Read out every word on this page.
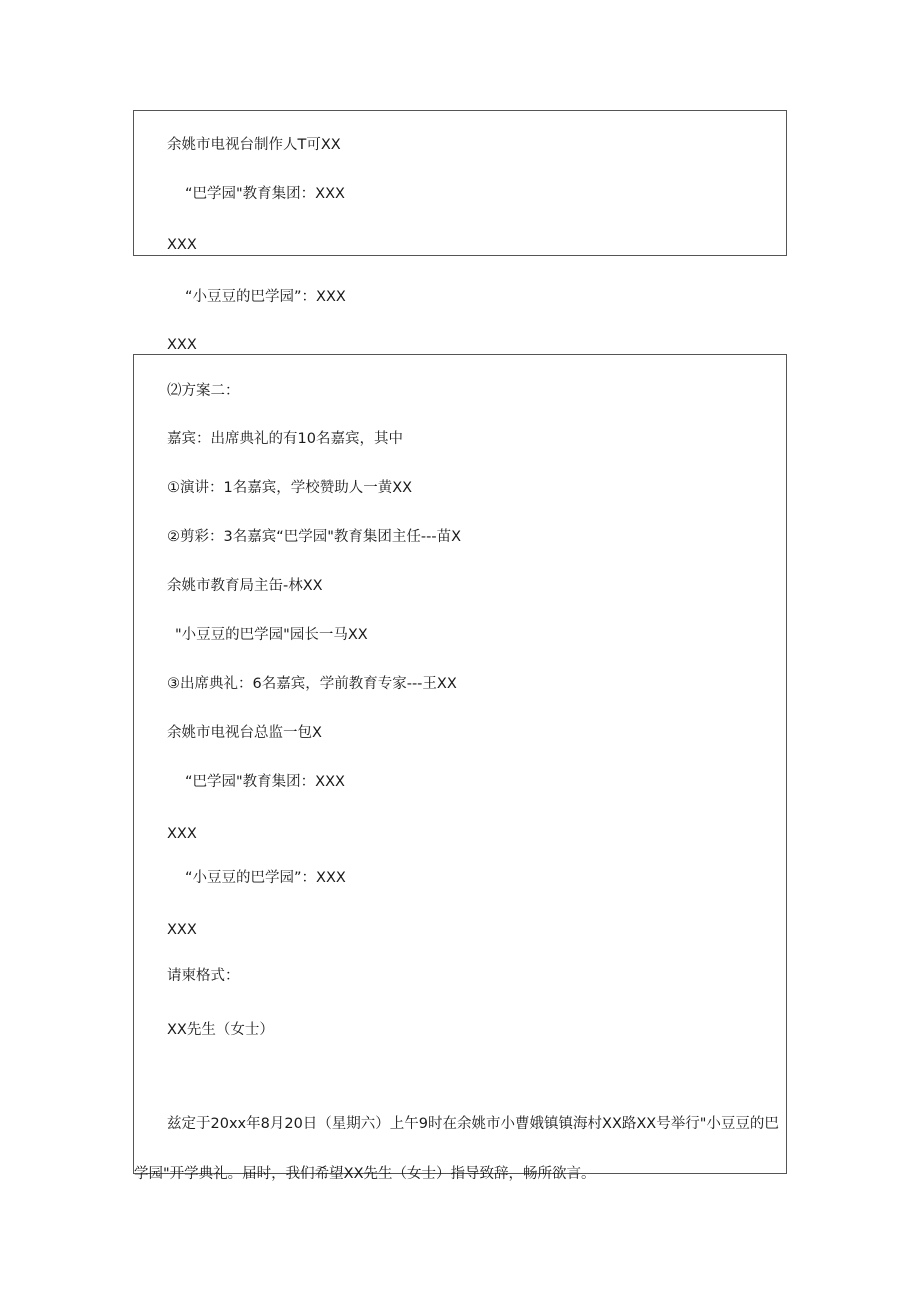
余姚市电视台制作人T可XX
“巴学园"教育集团：XXX
XXX
“小豆豆的巴学园”：XXX
XXX
⑵方案二：
嘉宾：出席典礼的有10名嘉宾，其中
①演讲：1名嘉宾，学校赞助人一黄XX
②剪彩：3名嘉宾“巴学园"教育集团主任---苗X
余姚市教育局主缶-林XX
"小豆豆的巴学园"园长一马XX
③出席典礼：6名嘉宾，学前教育专家---王XX
余姚市电视台总监一包X
“巴学园"教育集团：XXX
XXX
“小豆豆的巴学园”：XXX
XXX
请柬格式：
XX先生（女士）
兹定于20xx年8月20日（星期六）上午9时在余姚市小曹娥镇镇海村XX路XX号举行"小豆豆的巴学园"开学典礼。届时，我们希望XX先生（女士）指导致辞，畅所欲言。
